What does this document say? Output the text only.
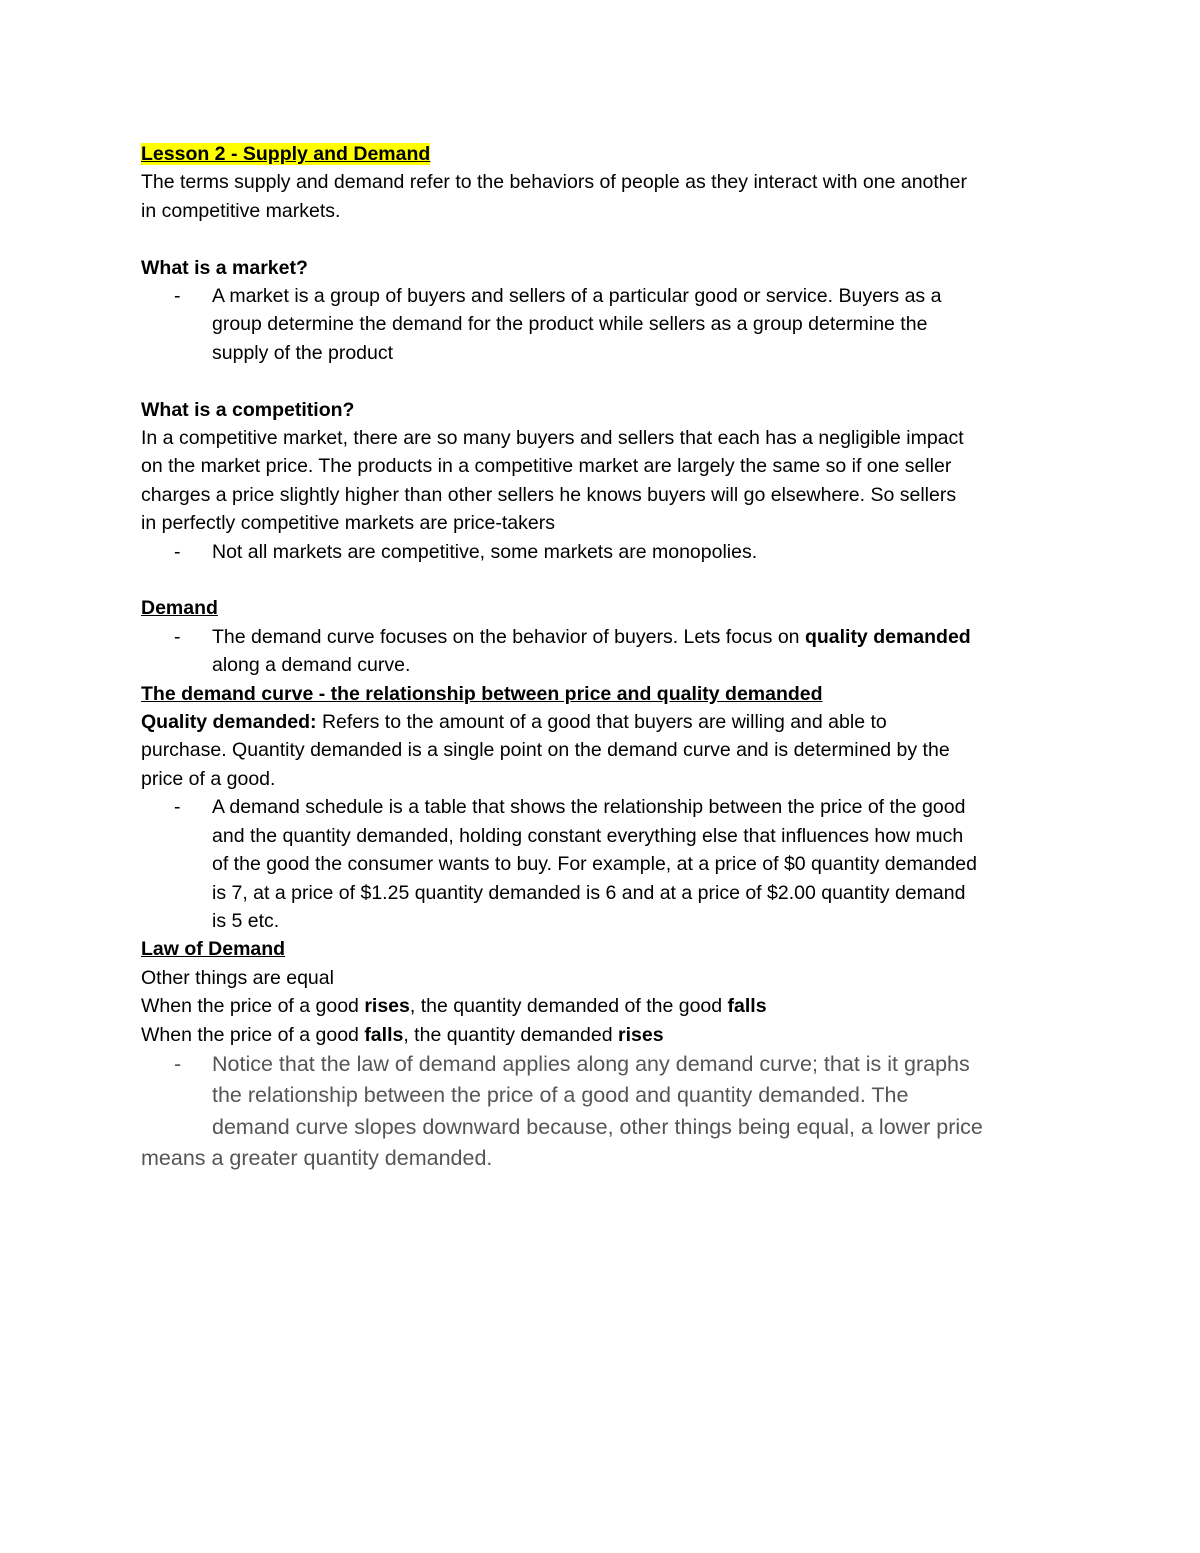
Lesson 2 - Supply and Demand
The terms supply and demand refer to the behaviors of people as they interact with one another
in competitive markets.
What is a market?
- A market is a group of buyers and sellers of a particular good or service. Buyers as a
group determine the demand for the product while sellers as a group determine the
supply of the product
What is a competition?
In a competitive market, there are so many buyers and sellers that each has a negligible impact
on the market price. The products in a competitive market are largely the same so if one seller
charges a price slightly higher than other sellers he knows buyers will go elsewhere. So sellers
in perfectly competitive markets are price-takers
- Not all markets are competitive, some markets are monopolies.
Demand
- The demand curve focuses on the behavior of buyers. Lets focus on quality demanded
along a demand curve.
The demand curve - the relationship between price and quality demanded
Quality demanded: Refers to the amount of a good that buyers are willing and able to
purchase. Quantity demanded is a single point on the demand curve and is determined by the
price of a good.
- A demand schedule is a table that shows the relationship between the price of the good
and the quantity demanded, holding constant everything else that influences how much
of the good the consumer wants to buy. For example, at a price of $0 quantity demanded
is 7, at a price of $1.25 quantity demanded is 6 and at a price of $2.00 quantity demand
is 5 etc.
Law of Demand
Other things are equal
When the price of a good rises, the quantity demanded of the good falls
When the price of a good falls, the quantity demanded rises
- Notice that the law of demand applies along any demand curve; that is it graphs
the relationship between the price of a good and quantity demanded. The
demand curve slopes downward because, other things being equal, a lower price
means a greater quantity demanded.
